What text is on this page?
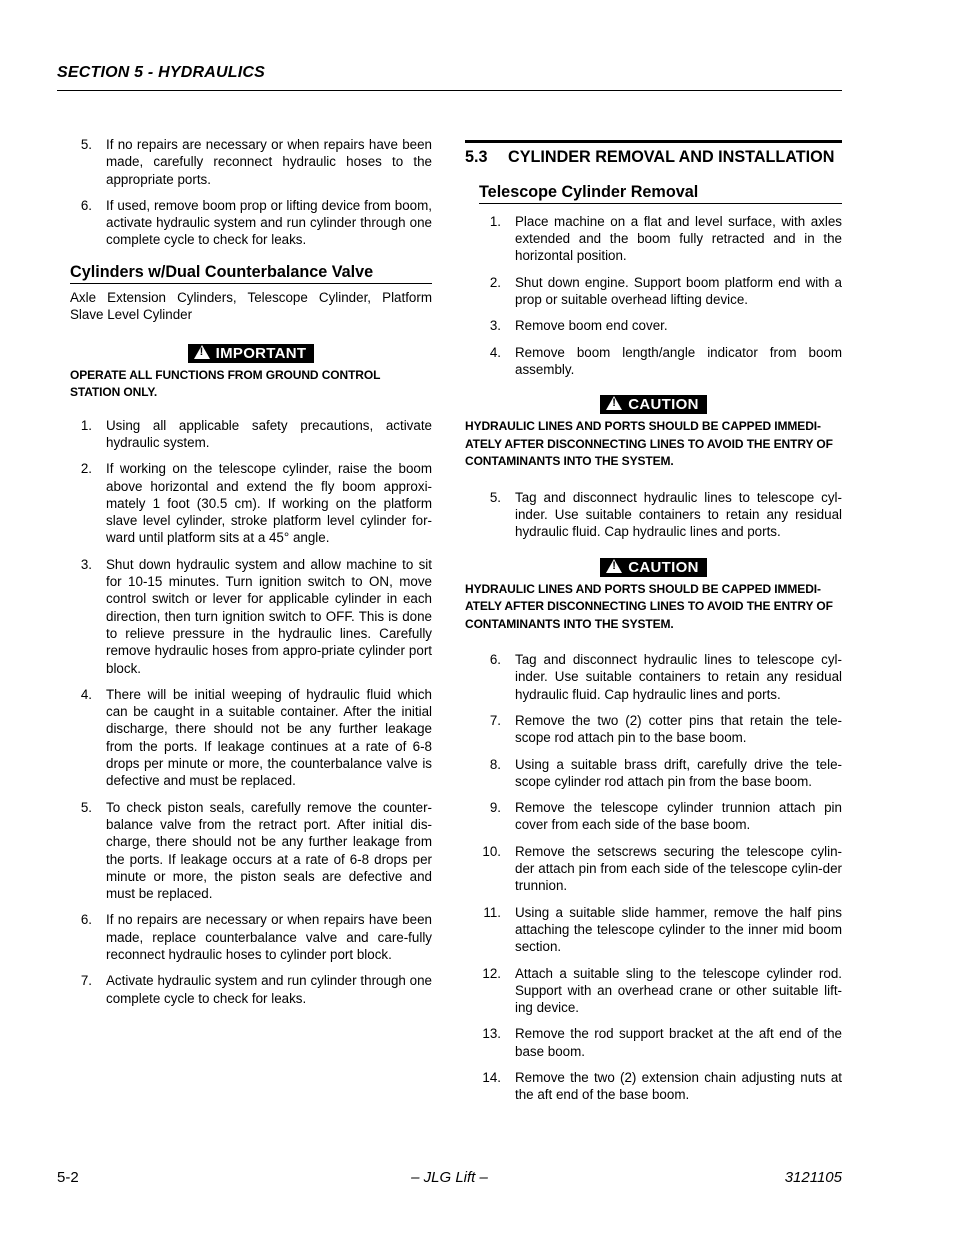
SECTION 5 - HYDRAULICS
5. If no repairs are necessary or when repairs have been made, carefully reconnect hydraulic hoses to the appropriate ports.
6. If used, remove boom prop or lifting device from boom, activate hydraulic system and run cylinder through one complete cycle to check for leaks.
Cylinders w/Dual Counterbalance Valve

Axle Extension Cylinders, Telescope Cylinder, Platform Slave Level Cylinder

!IMPORTANT

OPERATE ALL FUNCTIONS FROM GROUND CONTROL STATION ONLY.

1. Using all applicable safety precautions, activate hydraulic system.
2. If working on the telescope cylinder, raise the boom above horizontal and extend the fly boom approxi-mately 1 foot (30.5 cm). If working on the platform slave level cylinder, stroke platform level cylinder for-ward until platform sits at a 45° angle.
3. Shut down hydraulic system and allow machine to sit for 10-15 minutes. Turn ignition switch to ON, move control switch or lever for applicable cylinder in each direction, then turn ignition switch to OFF. This is done to relieve pressure in the hydraulic lines. Carefully remove hydraulic hoses from appro-priate cylinder port block.
4. There will be initial weeping of hydraulic fluid which can be caught in a suitable container. After the initial discharge, there should not be any further leakage from the ports. If leakage continues at a rate of 6-8 drops per minute or more, the counterbalance valve is defective and must be replaced.
5. To check piston seals, carefully remove the counter-balance valve from the retract port. After initial dis-charge, there should not be any further leakage from the ports. If leakage occurs at a rate of 6-8 drops per minute or more, the piston seals are defective and must be replaced.
6. If no repairs are necessary or when repairs have been made, replace counterbalance valve and care-fully reconnect hydraulic hoses to cylinder port block.
7. Activate hydraulic system and run cylinder through one complete cycle to check for leaks.
5.3 CYLINDER REMOVAL AND INSTALLATION
Telescope Cylinder Removal
1. Place machine on a flat and level surface, with axles extended and the boom fully retracted and in the horizontal position.
2. Shut down engine. Support boom platform end with a prop or suitable overhead lifting device.
3. Remove boom end cover.
4. Remove boom length/angle indicator from boom assembly.
!CAUTION

HYDRAULIC LINES AND PORTS SHOULD BE CAPPED IMMEDI-ATELY AFTER DISCONNECTING LINES TO AVOID THE ENTRY OF CONTAMINANTS INTO THE SYSTEM.

5. Tag and disconnect hydraulic lines to telescope cyl-inder. Use suitable containers to retain any residual hydraulic fluid. Cap hydraulic lines and ports.
!CAUTION

HYDRAULIC LINES AND PORTS SHOULD BE CAPPED IMMEDI-ATELY AFTER DISCONNECTING LINES TO AVOID THE ENTRY OF CONTAMINANTS INTO THE SYSTEM.

6. Tag and disconnect hydraulic lines to telescope cyl-inder. Use suitable containers to retain any residual hydraulic fluid. Cap hydraulic lines and ports.
7. Remove the two (2) cotter pins that retain the tele-scope rod attach pin to the base boom.
8. Using a suitable brass drift, carefully drive the tele-scope cylinder rod attach pin from the base boom.
9. Remove the telescope cylinder trunnion attach pin cover from each side of the base boom.
10. Remove the setscrews securing the telescope cylin-der attach pin from each side of the telescope cylin-der trunnion.
11. Using a suitable slide hammer, remove the half pins attaching the telescope cylinder to the inner mid boom section.
12. Attach a suitable sling to the telescope cylinder rod. Support with an overhead crane or other suitable lift-ing device.
13. Remove the rod support bracket at the aft end of the base boom.
14. Remove the two (2) extension chain adjusting nuts at the aft end of the base boom.
5-2	– JLG Lift –	3121105
